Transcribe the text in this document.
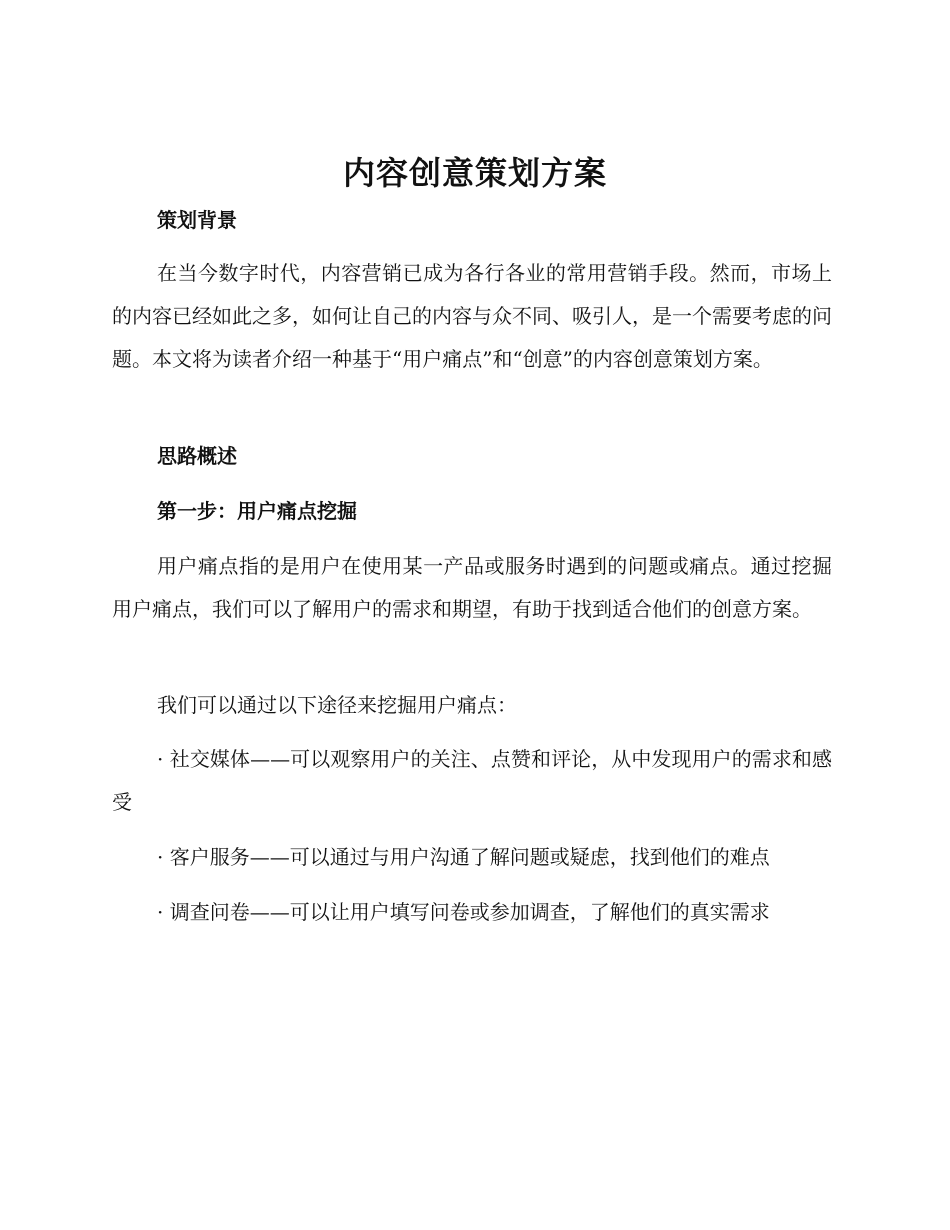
内容创意策划方案
策划背景

在当今数字时代，内容营销已成为各行各业的常用营销手段。然而，市场上的内容已经如此之多，如何让自己的内容与众不同、吸引人，是一个需要考虑的问题。本文将为读者介绍一种基于“用户痛点”和“创意”的内容创意策划方案。

思路概述
第一步：用户痛点挖掘

用户痛点指的是用户在使用某一产品或服务时遇到的问题或痛点。通过挖掘用户痛点，我们可以了解用户的需求和期望，有助于找到适合他们的创意方案。

我们可以通过以下途径来挖掘用户痛点：

· 社交媒体——可以观察用户的关注、点赞和评论，从中发现用户的需求和感受

· 客户服务——可以通过与用户沟通了解问题或疑虑，找到他们的难点

· 调查问卷——可以让用户填写问卷或参加调查，了解他们的真实需求
